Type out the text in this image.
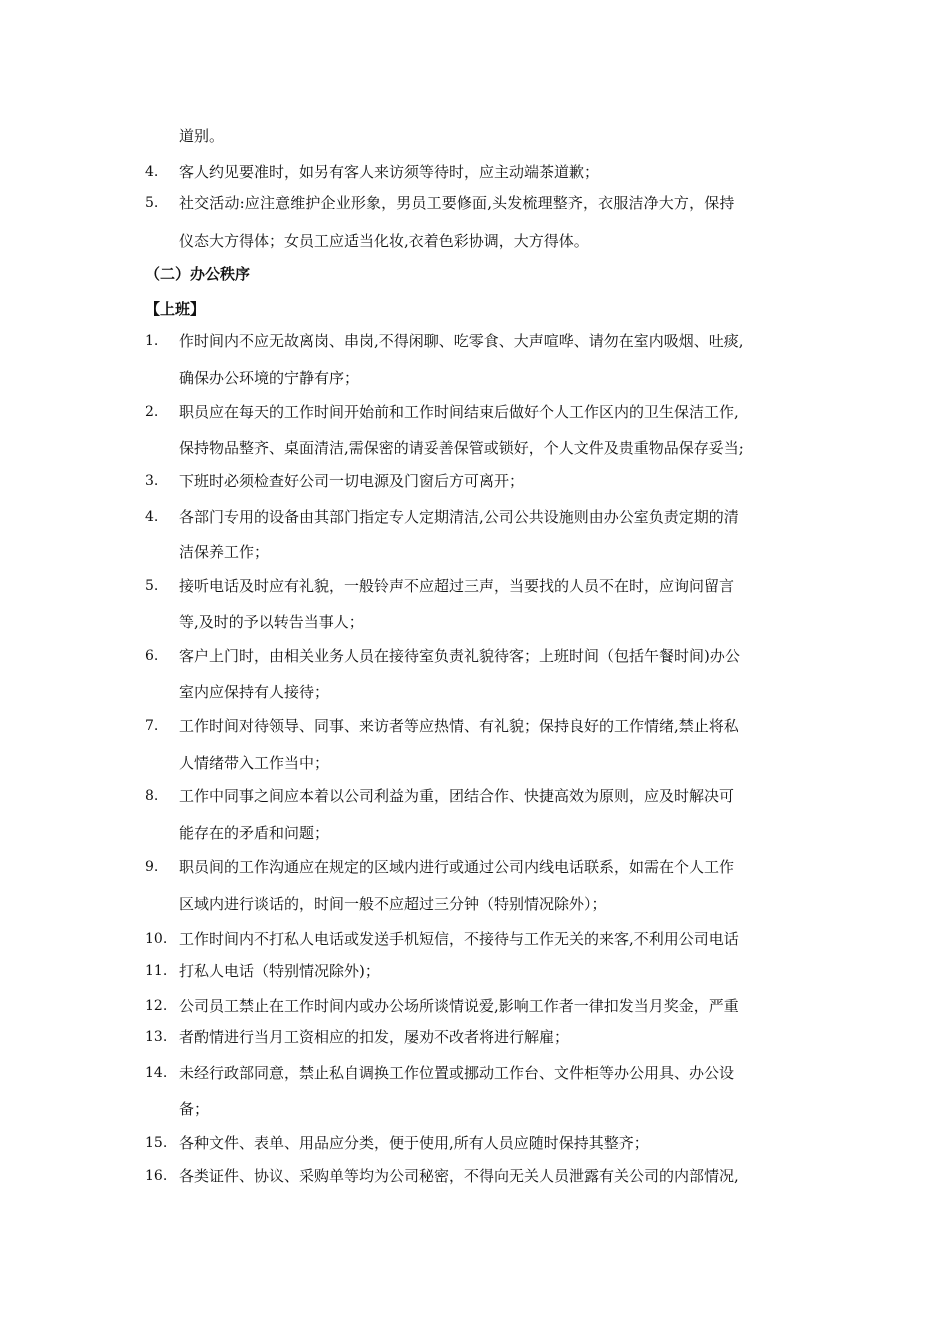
道别。
4. 客人约见要准时，如另有客人来访须等待时，应主动端茶道歉；
5. 社交活动:应注意维护企业形象，男员工要修面,头发梳理整齐，衣服洁净大方，保持
仪态大方得体；女员工应适当化妆,衣着色彩协调，大方得体。
（二）办公秩序
【上班】
1. 作时间内不应无故离岗、串岗,不得闲聊、吃零食、大声喧哗、请勿在室内吸烟、吐痰,
确保办公环境的宁静有序；
2. 职员应在每天的工作时间开始前和工作时间结束后做好个人工作区内的卫生保洁工作,
保持物品整齐、桌面清洁,需保密的请妥善保管或锁好，个人文件及贵重物品保存妥当;
3. 下班时必须检查好公司一切电源及门窗后方可离开；
4. 各部门专用的设备由其部门指定专人定期清洁,公司公共设施则由办公室负责定期的清
洁保养工作；
5. 接听电话及时应有礼貌，一般铃声不应超过三声，当要找的人员不在时，应询问留言
等,及时的予以转告当事人；
6. 客户上门时，由相关业务人员在接待室负责礼貌待客；上班时间（包括午餐时间)办公
室内应保持有人接待；
7. 工作时间对待领导、同事、来访者等应热情、有礼貌；保持良好的工作情绪,禁止将私
人情绪带入工作当中；
8. 工作中同事之间应本着以公司利益为重，团结合作、快捷高效为原则，应及时解决可
能存在的矛盾和问题；
9. 职员间的工作沟通应在规定的区域内进行或通过公司内线电话联系，如需在个人工作
区域内进行谈话的，时间一般不应超过三分钟（特别情况除外）；
10. 工作时间内不打私人电话或发送手机短信，不接待与工作无关的来客,不利用公司电话
11. 打私人电话（特别情况除外)；
12. 公司员工禁止在工作时间内或办公场所谈情说爱,影响工作者一律扣发当月奖金，严重
13. 者酌情进行当月工资相应的扣发，屡劝不改者将进行解雇；
14. 未经行政部同意，禁止私自调换工作位置或挪动工作台、文件柜等办公用具、办公设
备；
15. 各种文件、表单、用品应分类，便于使用,所有人员应随时保持其整齐；
16. 各类证件、协议、采购单等均为公司秘密，不得向无关人员泄露有关公司的内部情况,
